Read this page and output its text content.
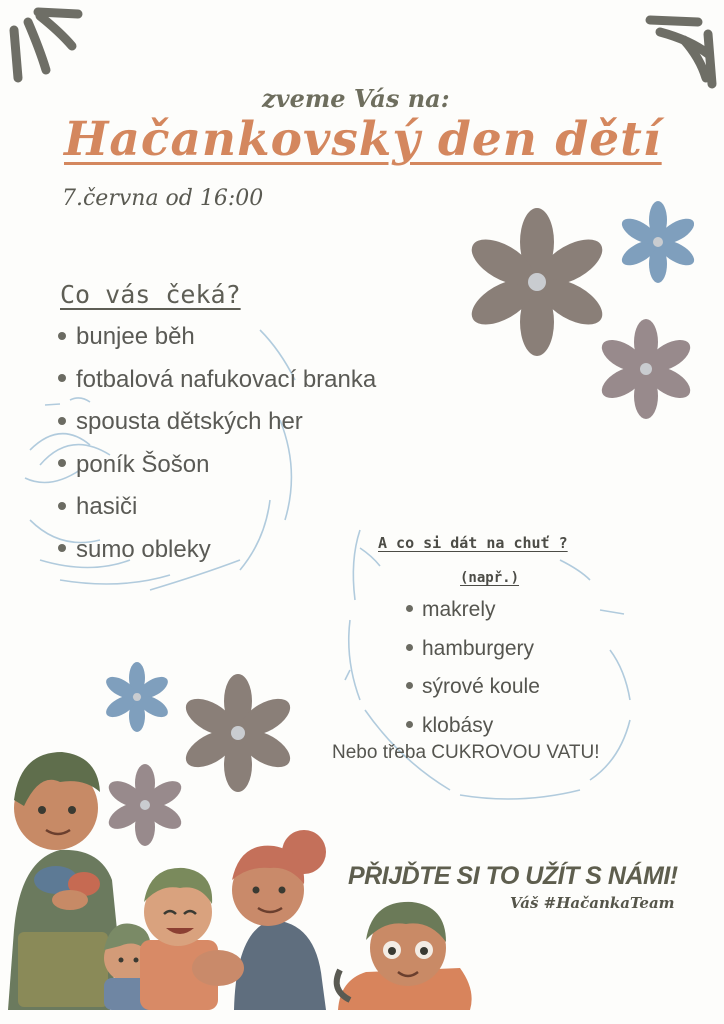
zveme Vás na:
Hačankovský den dětí
7.června od 16:00
Co vás čeká?
bunjee běh
fotbalová nafukovací branka
spousta dětských her
poník Šošon
hasiči
sumo obleky	A co si dát na chuť ?
(např.)
makrely
hamburgery
sýrové koule
klobásy
Nebo třeba CUKROVOU VATU!
PŘIJĎTE SI TO UŽÍT S NÁMI!
Váš #HačankaTeam
